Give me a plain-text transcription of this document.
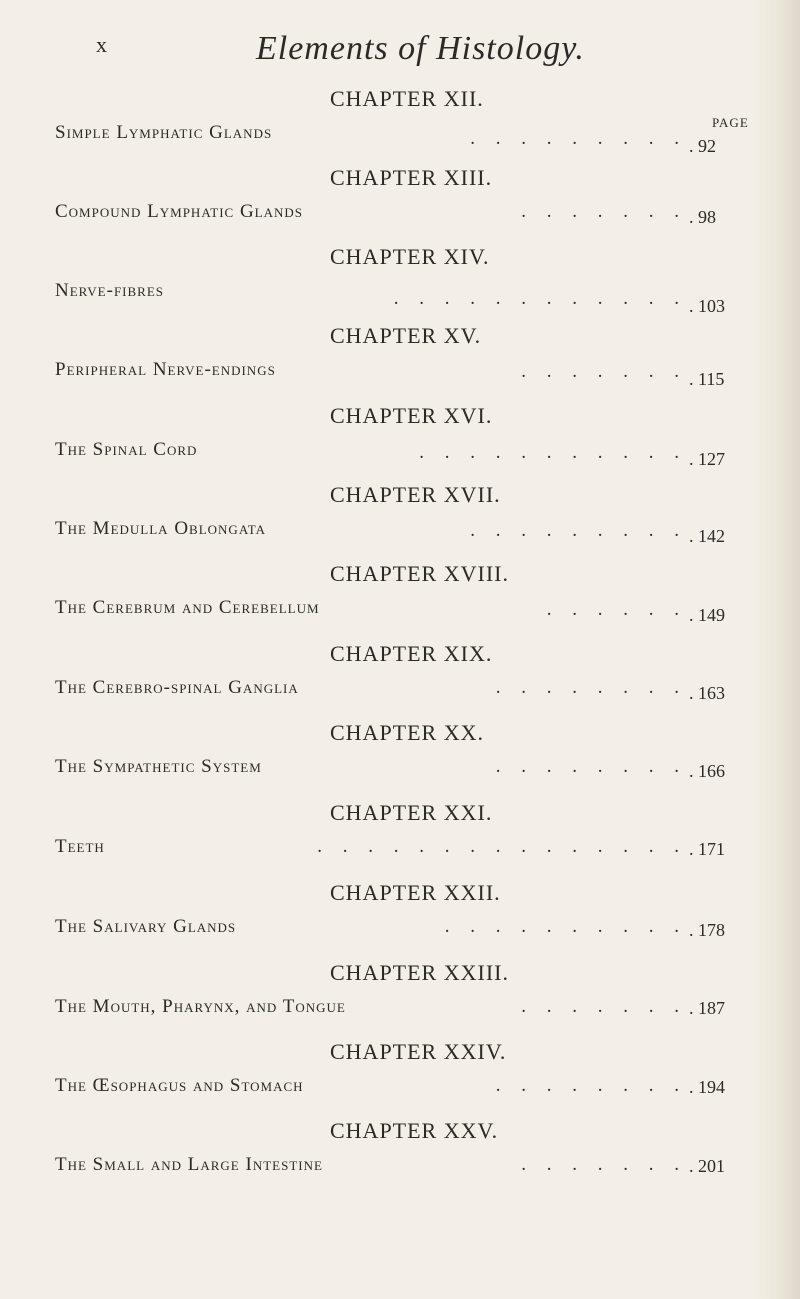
x	Elements of Histology.
PAGE
CHAPTER XII.
Simple Lymphatic Glands	. . . . . . . . . . 92
CHAPTER XIII.
Compound Lymphatic Glands	. . . . . . . . 98
CHAPTER XIV.
Nerve-fibres	. . . . . . . . . . . . . 103
CHAPTER XV.
Peripheral Nerve-endings	. . . . . . . . 115
CHAPTER XVI.
The Spinal Cord	. . . . . . . . . . . . 127
CHAPTER XVII.
The Medulla Oblongata	. . . . . . . . . . 142
CHAPTER XVIII.
The Cerebrum and Cerebellum	. . . . . . . 149
CHAPTER XIX.
The Cerebro-spinal Ganglia	. . . . . . . . . 163
CHAPTER XX.
The Sympathetic System	. . . . . . . . . 166
CHAPTER XXI.
Teeth	. . . . . . . . . . . . . . . . 171
CHAPTER XXII.
The Salivary Glands	. . . . . . . . . . . 178
CHAPTER XXIII.
The Mouth, Pharynx, and Tongue	. . . . . . . . 187
CHAPTER XXIV.
The Œsophagus and Stomach	. . . . . . . . . 194
CHAPTER XXV.
The Small and Large Intestine	. . . . . . . . 201
